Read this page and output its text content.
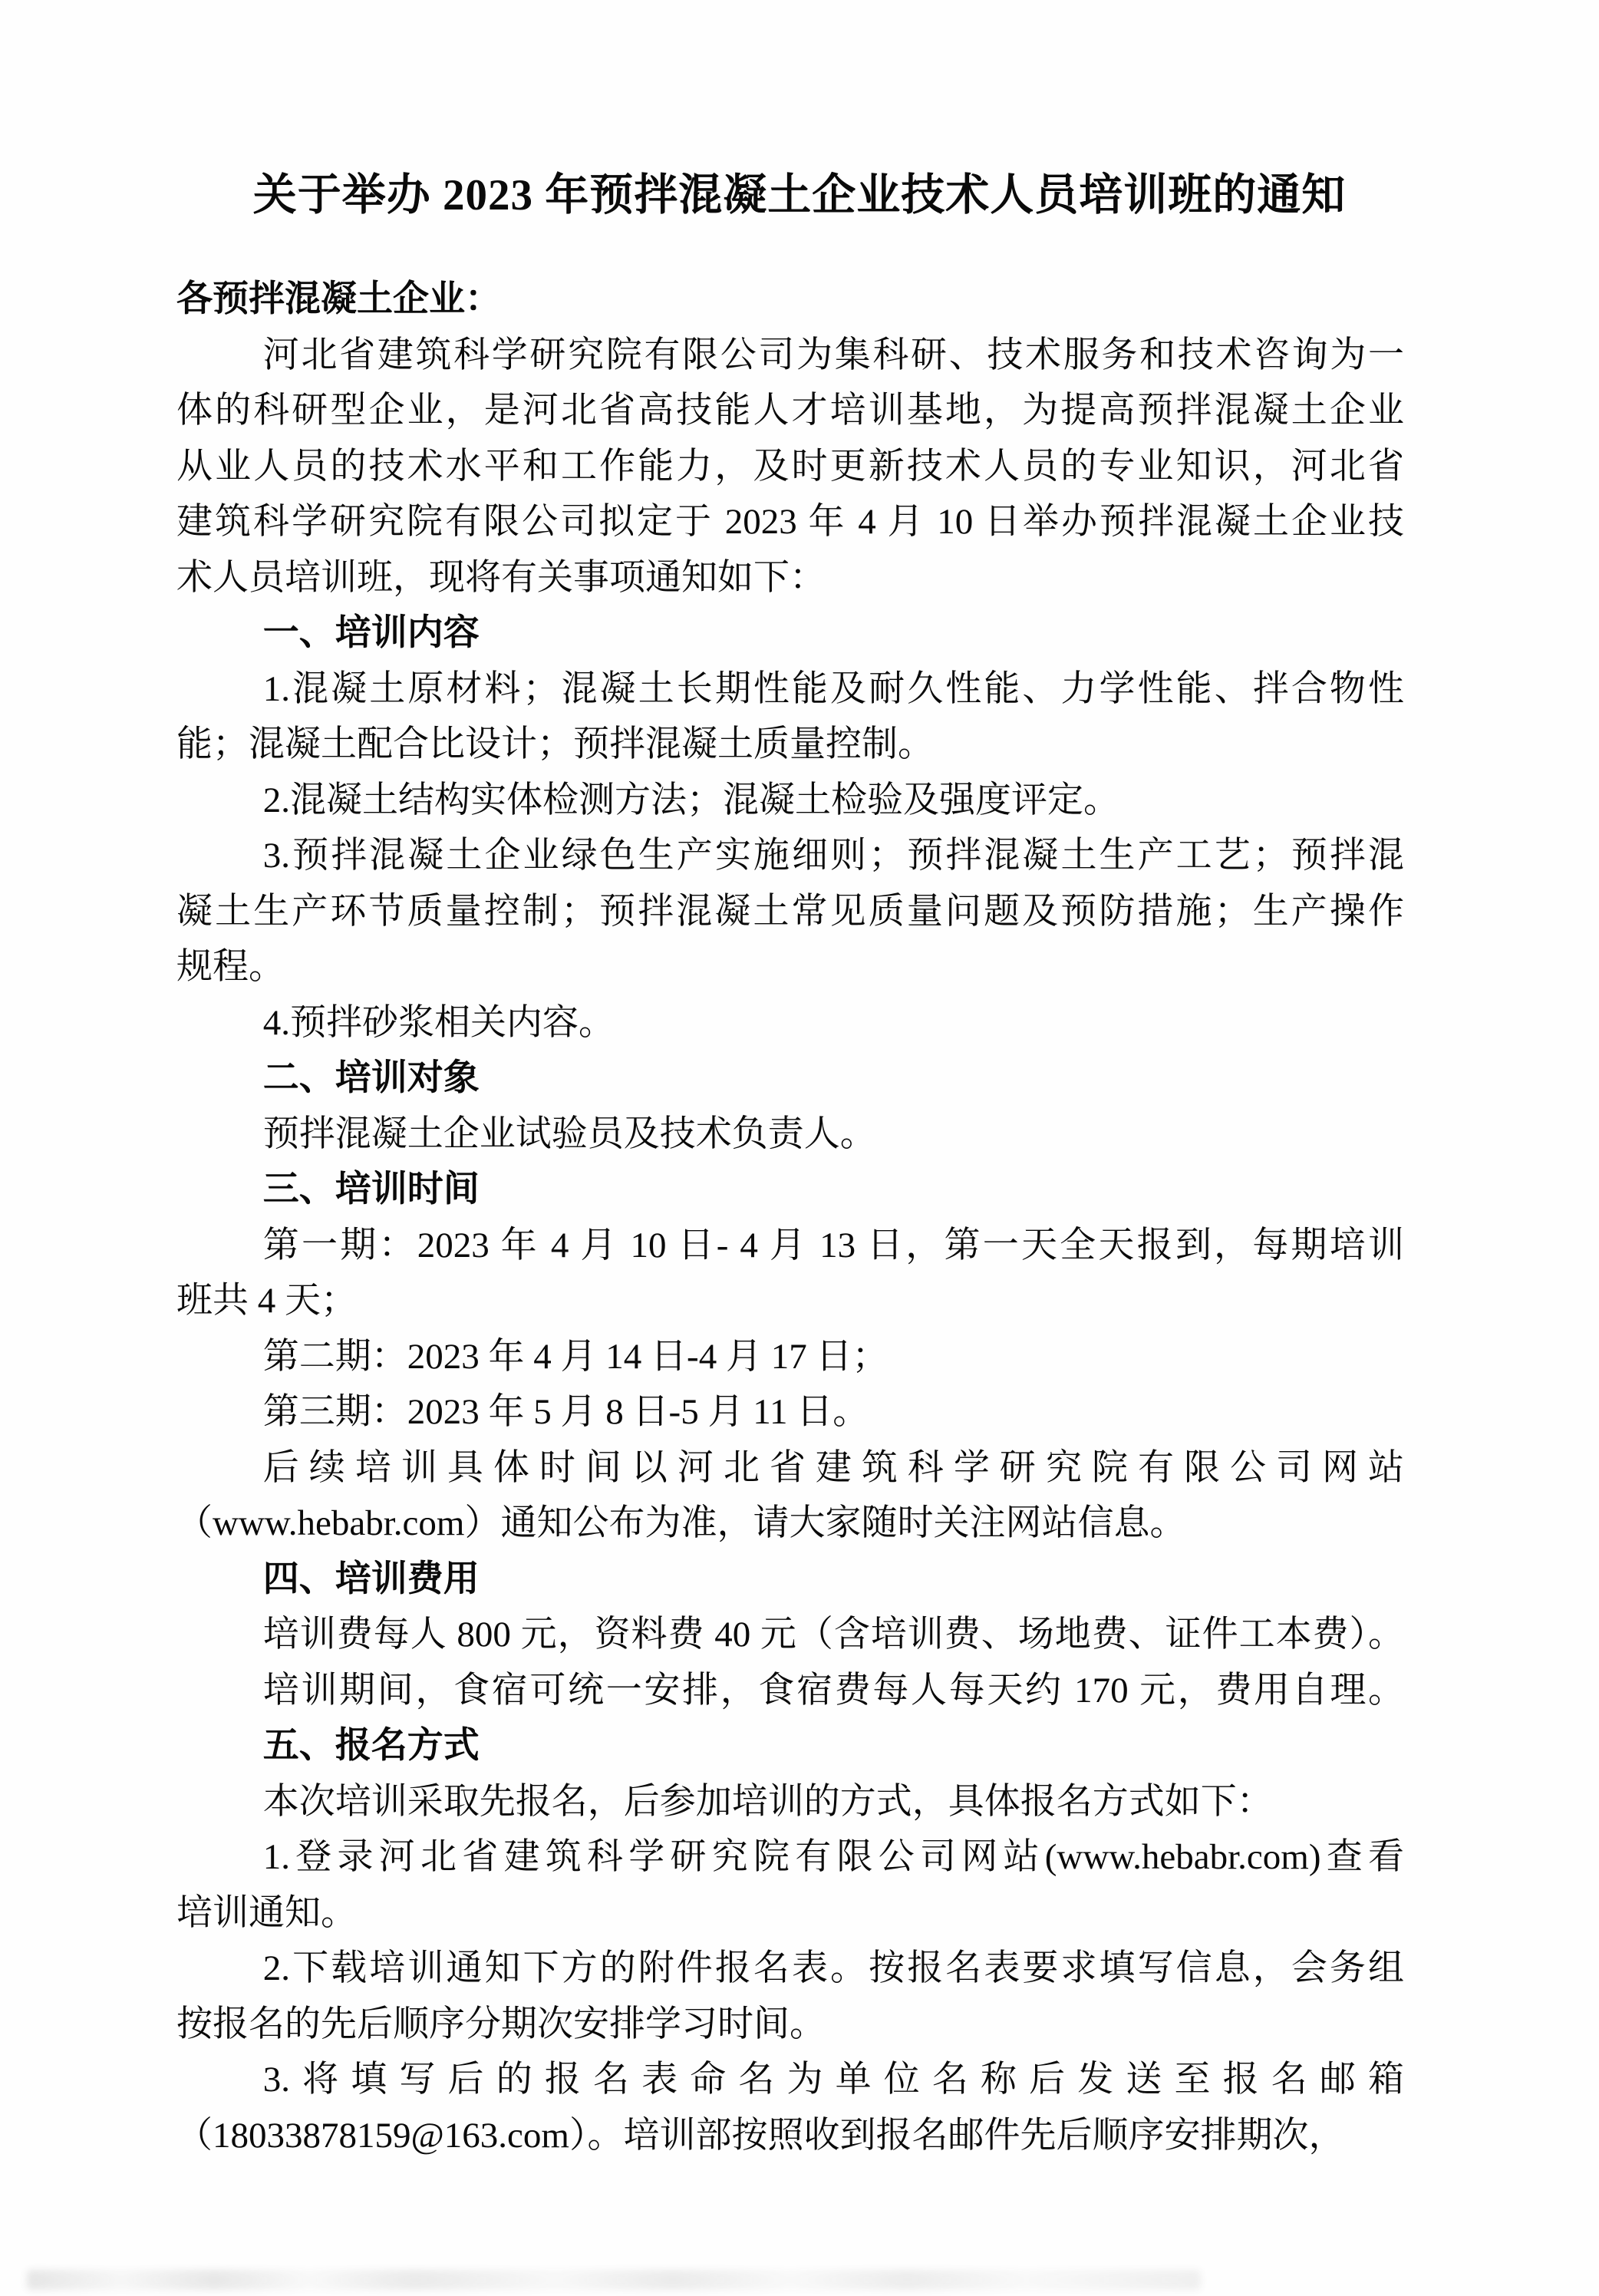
关于举办 2023 年预拌混凝土企业技术人员培训班的通知
各预拌混凝土企业：
河北省建筑科学研究院有限公司为集科研、技术服务和技术咨询为一
体的科研型企业，是河北省高技能人才培训基地，为提高预拌混凝土企业
从业人员的技术水平和工作能力，及时更新技术人员的专业知识，河北省
建筑科学研究院有限公司拟定于 2023 年 4 月 10 日举办预拌混凝土企业技
术人员培训班，现将有关事项通知如下：
一、培训内容
1.混凝土原材料；混凝土长期性能及耐久性能、力学性能、拌合物性
能；混凝土配合比设计；预拌混凝土质量控制。
2.混凝土结构实体检测方法；混凝土检验及强度评定。
3.预拌混凝土企业绿色生产实施细则；预拌混凝土生产工艺；预拌混
凝土生产环节质量控制；预拌混凝土常见质量问题及预防措施；生产操作
规程。
4.预拌砂浆相关内容。
二、培训对象
预拌混凝土企业试验员及技术负责人。
三、培训时间
第一期：2023 年 4 月 10 日- 4 月 13 日，第一天全天报到，每期培训
班共 4 天；
第二期：2023 年 4 月 14 日-4 月 17 日；
第三期：2023 年 5 月 8 日-5 月 11 日。
后续培训具体时间以河北省建筑科学研究院有限公司网站
（www.hebabr.com）通知公布为准，请大家随时关注网站信息。
四、培训费用
培训费每人 800 元，资料费 40 元（含培训费、场地费、证件工本费）。
培训期间，食宿可统一安排，食宿费每人每天约 170 元，费用自理。
五、报名方式
本次培训采取先报名，后参加培训的方式，具体报名方式如下：
1.登录河北省建筑科学研究院有限公司网站(www.hebabr.com)查看
培训通知。
2.下载培训通知下方的附件报名表。按报名表要求填写信息，会务组
按报名的先后顺序分期次安排学习时间。
3.将填写后的报名表命名为单位名称后发送至报名邮箱
（18033878159@163.com）。培训部按照收到报名邮件先后顺序安排期次，
